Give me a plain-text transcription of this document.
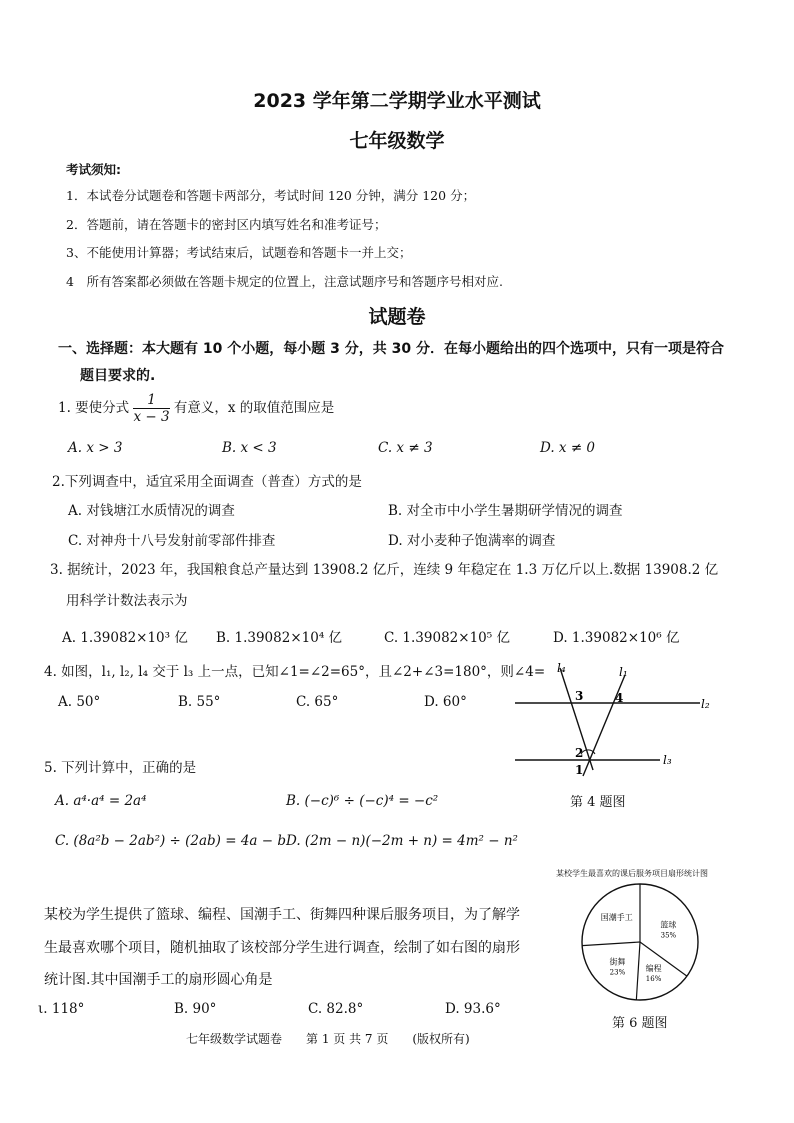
2023 学年第二学期学业水平测试
七年级数学
考试须知:
1．本试卷分试题卷和答题卡两部分，考试时间 120 分钟，满分 120 分；
2．答题前，请在答题卡的密封区内填写姓名和准考证号；
3、不能使用计算器；考试结束后，试题卷和答题卡一并上交；
4　所有答案都必须做在答题卡规定的位置上，注意试题序号和答题序号相对应.
试题卷
一、选择题：本大题有 10 个小题，每小题 3 分，共 30 分．在每小题给出的四个选项中，只有一项是符合
题目要求的.
1. 要使分式 $\frac{1}{x - 3}$ 有意义，x 的取值范围应是
A. x > 3	B. x < 3	C. x ≠ 3	D. x ≠ 0
2.下列调查中，适宜采用全面调查（普查）方式的是
A. 对钱塘江水质情况的调查	B. 对全市中小学生暑期研学情况的调查
C. 对神舟十八号发射前零部件排查	D. 对小麦种子饱满率的调查
3. 据统计，2023 年，我国粮食总产量达到 13908.2 亿斤，连续 9 年稳定在 1.3 万亿斤以上.数据 13908.2 亿
用科学计数法表示为
A. 1.39082×10³ 亿 B. 1.39082×10⁴ 亿	C. 1.39082×10⁵ 亿	D. 1.39082×10⁶ 亿
4. 如图，l₁, l₂, l₄ 交于 l₃ 上一点，已知∠1=∠2=65°，且∠2+∠3=180°，则∠4=
A. 50°	B. 55°	C. 65°	D. 60°
l₄	l₁
l₂
l₃
3	4
2
1
第 4 题图
5. 下列计算中，正确的是
A. a⁴·a⁴ = 2a⁴	B. (−c)⁶ ÷ (−c)⁴ = −c²
C. (8a²b − 2ab²) ÷ (2ab) = 4a − b D. (2m − n)(−2m + n) = 4m² − n²
某校为学生提供了篮球、编程、国潮手工、街舞四种课后服务项目，为了解学
生最喜欢哪个项目，随机抽取了该校部分学生进行调查，绘制了如右图的扇形
统计图.其中国潮手工的扇形圆心角是
ι. 118°	B. 90°	C. 82.8°	D. 93.6°
某校学生最喜欢的课后服务项目扇形统计图
篮球
35%
编程
16%
街舞
23%
国潮手工
第 6 题图
七年级数学试题卷　　第 1 页 共 7 页　　(版权所有)
